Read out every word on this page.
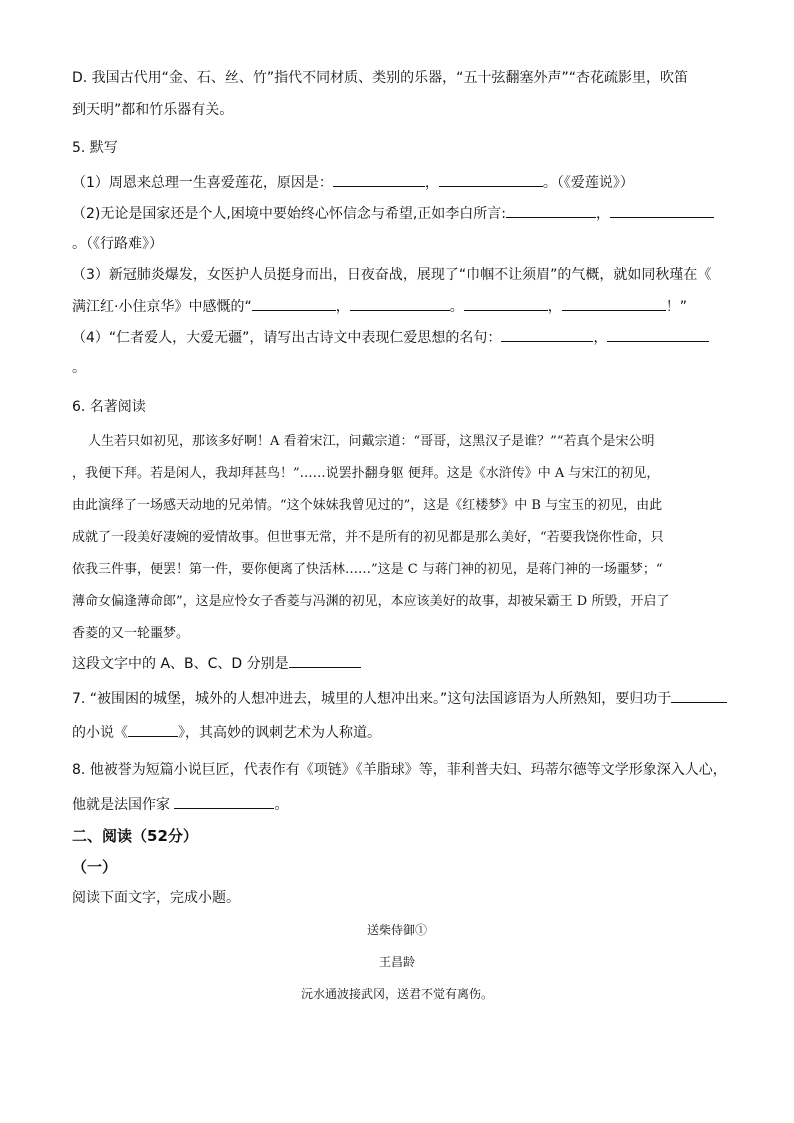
D. 我国古代用“金、石、丝、竹”指代不同材质、类别的乐器，“五十弦翻塞外声”“杏花疏影里，吹笛
到天明”都和竹乐器有关。
5. 默写
（1）周恩来总理一生喜爱莲花，原因是：	，	。（《爱莲说》）
（2)无论是国家还是个人,困境中要始终心怀信念与希望,正如李白所言:	，
。（《行路难》）
（3）新冠肺炎爆发，女医护人员挺身而出，日夜奋战，展现了“巾帼不让须眉”的气概，就如同秋瑾在《
满江红·小住京华》中感慨的“	，	。	，	！”
（4）“仁者爱人，大爱无疆”，请写出古诗文中表现仁爱思想的名句：	，
。
6. 名著阅读
人生若只如初见，那该多好啊！A 看着宋江，问戴宗道：“哥哥，这黑汉子是谁？”“若真个是宋公明
，我便下拜。若是闲人，我却拜甚鸟！”……说罢扑翻身躯 便拜。这是《水浒传》中 A 与宋江的初见，
由此演绎了一场感天动地的兄弟情。“这个妹妹我曾见过的”，这是《红楼梦》中 B 与宝玉的初见，由此
成就了一段美好凄婉的爱情故事。但世事无常，并不是所有的初见都是那么美好，“若要我饶你性命，只
依我三件事，便罢！第一件，要你便离了快活林……”这是 C 与蒋门神的初见，是蒋门神的一场噩梦；“
薄命女偏逢薄命郎”，这是应怜女子香菱与冯渊的初见，本应该美好的故事，却被呆霸王 D 所毁，开启了
香菱的又一轮噩梦。
这段文字中的 A、B、C、D 分别是
7. “被围困的城堡，城外的人想冲进去，城里的人想冲出来。”这句法国谚语为人所熟知，要归功于
的小说《	》，其高妙的讽刺艺术为人称道。
8. 他被誉为短篇小说巨匠，代表作有《项链》《羊脂球》等，菲利普夫妇、玛蒂尔德等文学形象深入人心，
他就是法国作家	。
二、阅读（52分）
（一）
阅读下面文字，完成小题。
送柴侍御①
王昌龄
沅水通波接武冈，送君不觉有离伤。
